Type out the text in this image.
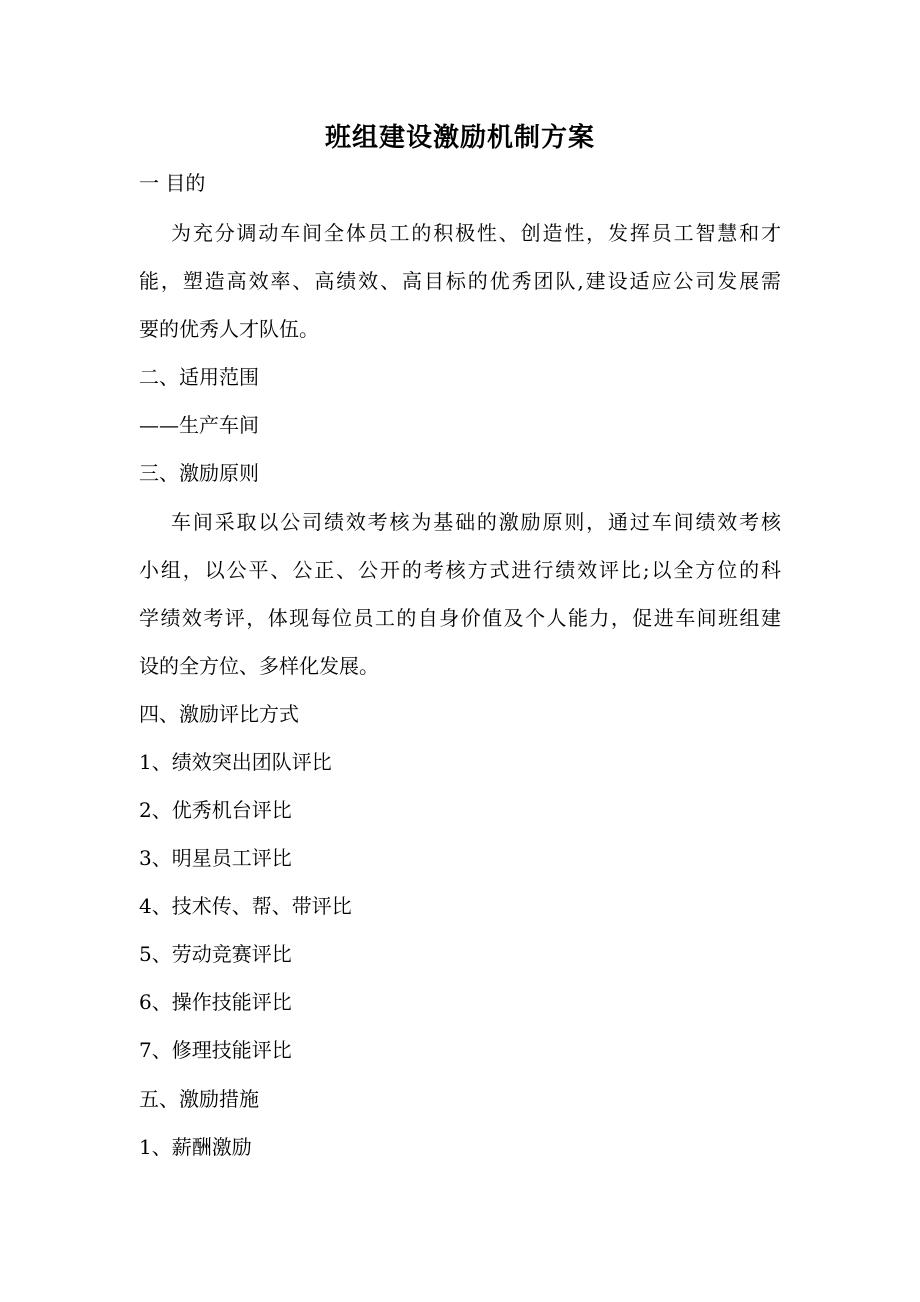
班组建设激励机制方案

一 目的

为充分调动车间全体员工的积极性、创造性，发挥员工智慧和才

能，塑造高效率、高绩效、高目标的优秀团队,建设适应公司发展需

要的优秀人才队伍。

二、适用范围

——生产车间

三、激励原则

车间采取以公司绩效考核为基础的激励原则，通过车间绩效考核

小组，以公平、公正、公开的考核方式进行绩效评比;以全方位的科

学绩效考评，体现每位员工的自身价值及个人能力，促进车间班组建

设的全方位、多样化发展。

四、激励评比方式

1、绩效突出团队评比

2、优秀机台评比

3、明星员工评比

4、技术传、帮、带评比

5、劳动竞赛评比

6、操作技能评比

7、修理技能评比

五、激励措施

1、薪酬激励
